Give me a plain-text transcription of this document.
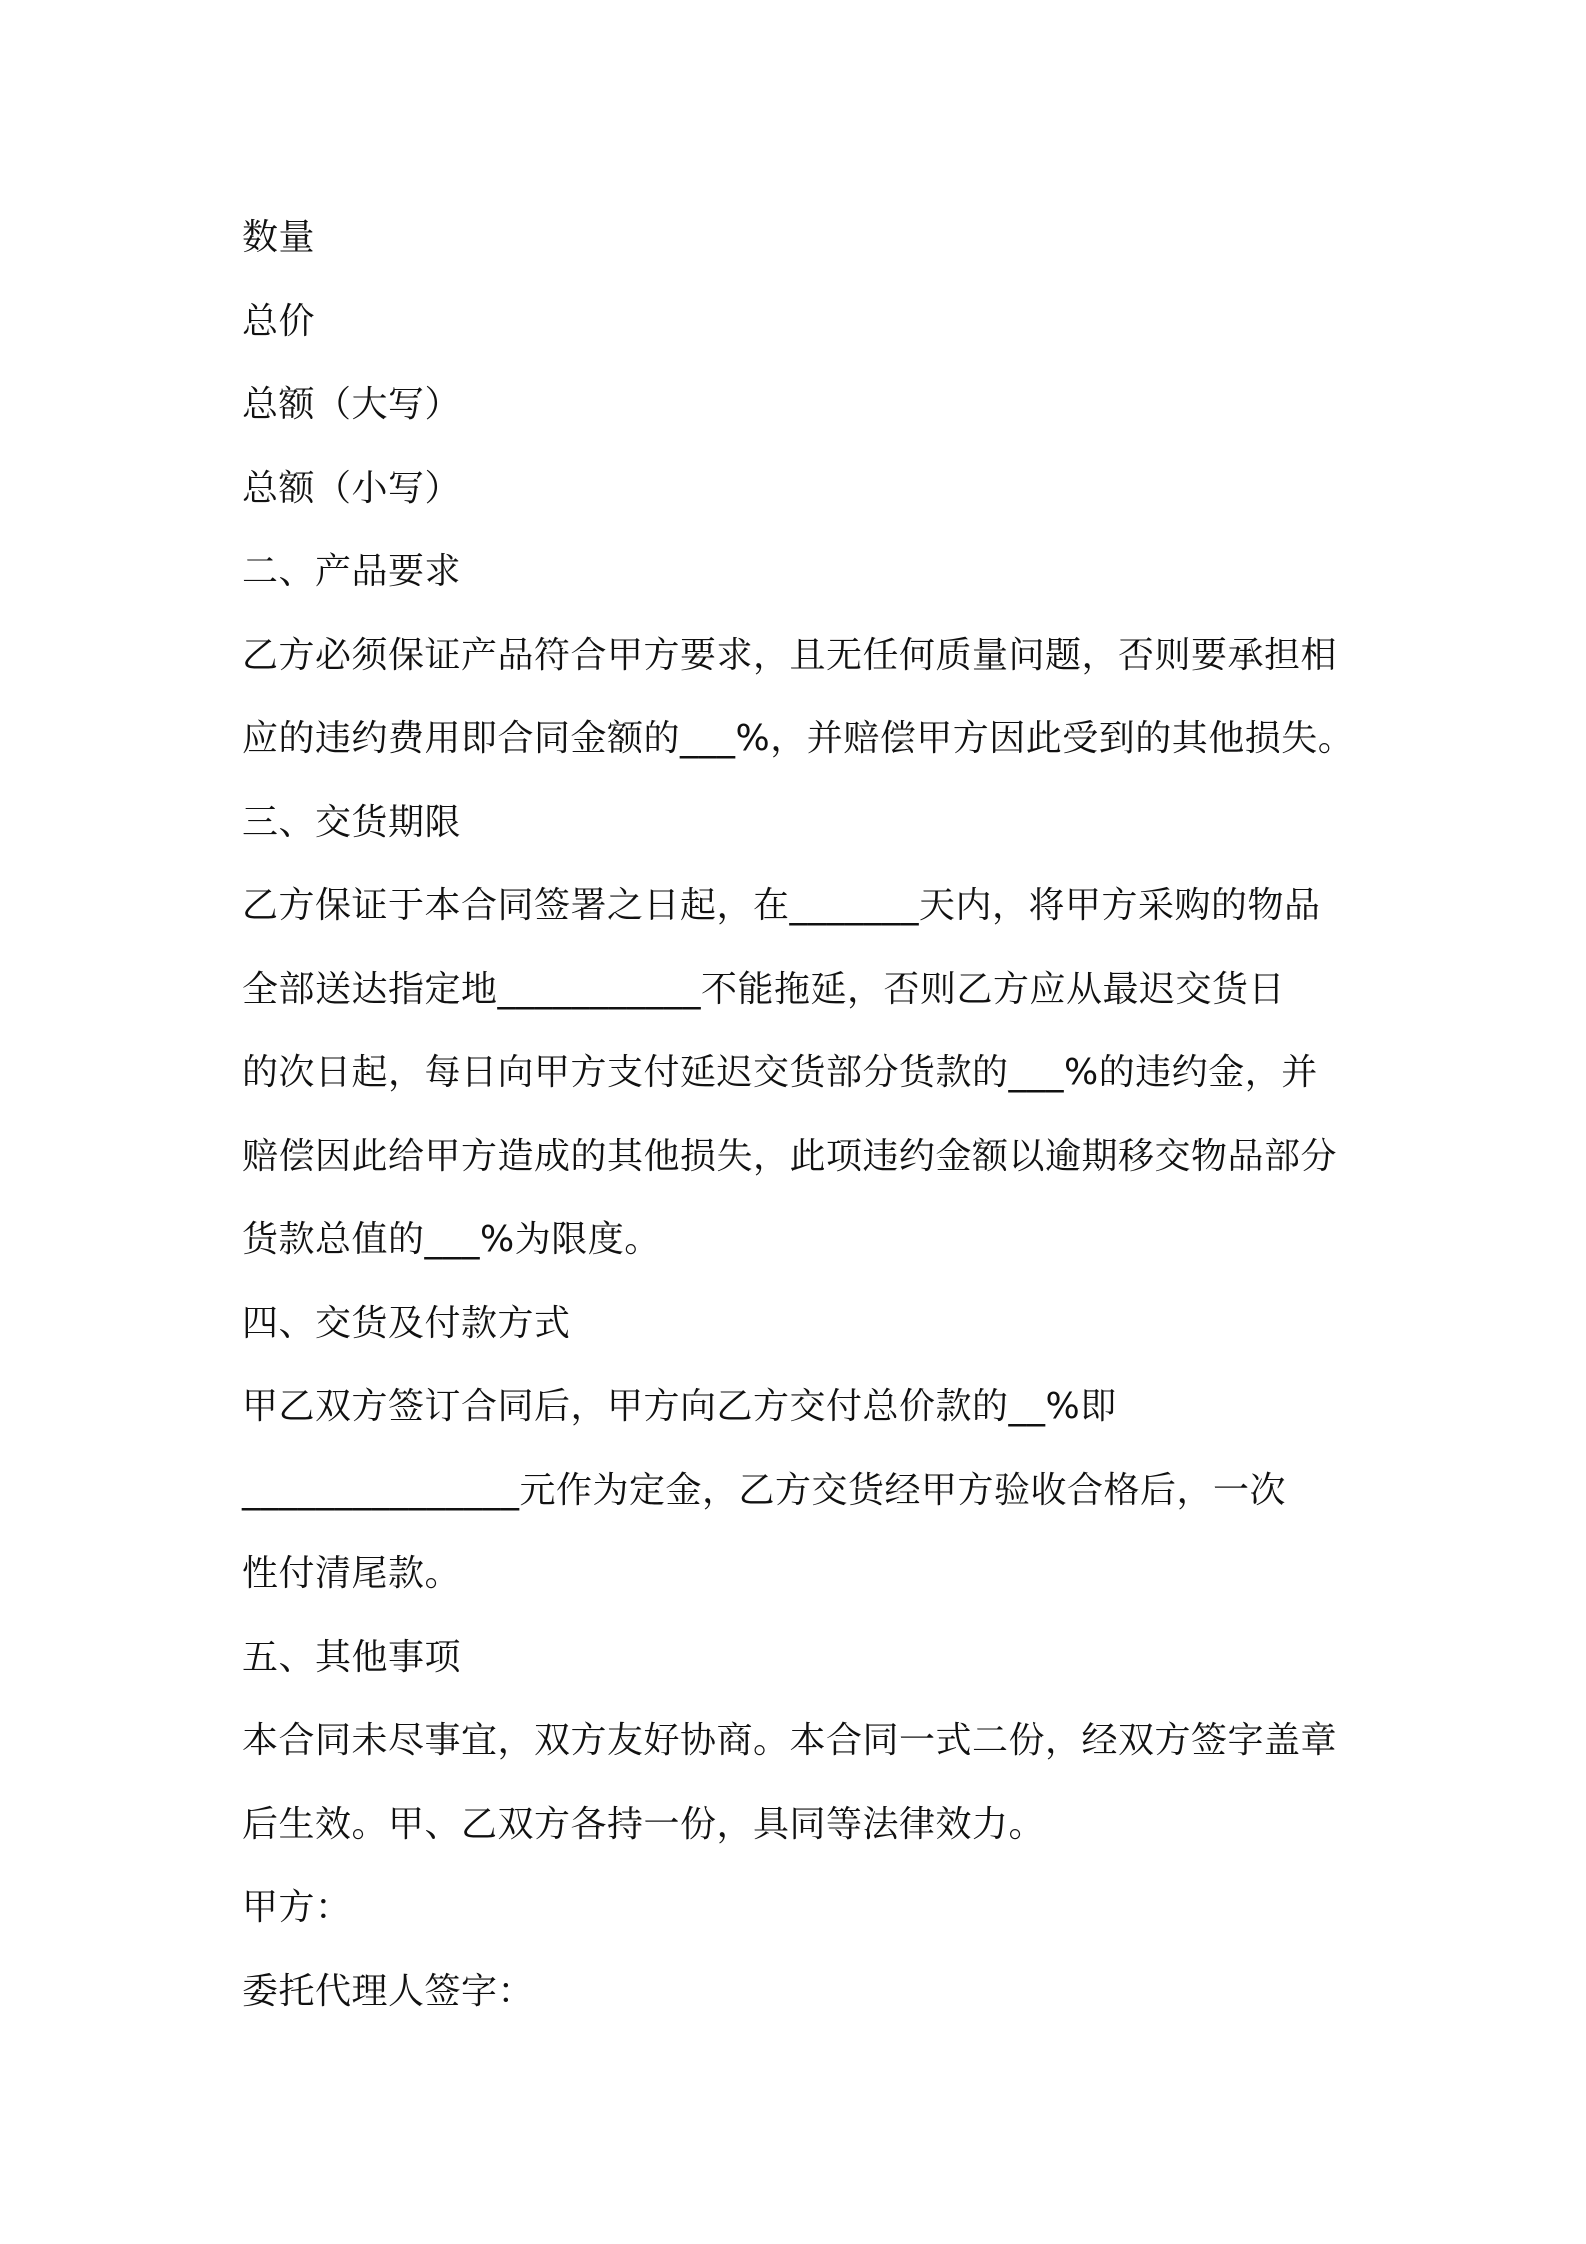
数量
总价
总额（大写）
总额（小写）
二、产品要求
乙方必须保证产品符合甲方要求，且无任何质量问题，否则要承担相
应的违约费用即合同金额的___%，并赔偿甲方因此受到的其他损失。
三、交货期限
乙方保证于本合同签署之日起，在_______天内，将甲方采购的物品
全部送达指定地___________不能拖延，否则乙方应从最迟交货日
的次日起，每日向甲方支付延迟交货部分货款的___%的违约金，并
赔偿因此给甲方造成的其他损失，此项违约金额以逾期移交物品部分
货款总值的___%为限度。
四、交货及付款方式
甲乙双方签订合同后，甲方向乙方交付总价款的__%即
_______________元作为定金，乙方交货经甲方验收合格后，一次
性付清尾款。
五、其他事项
本合同未尽事宜，双方友好协商。本合同一式二份，经双方签字盖章
后生效。甲、乙双方各持一份，具同等法律效力。
甲方：
委托代理人签字：
